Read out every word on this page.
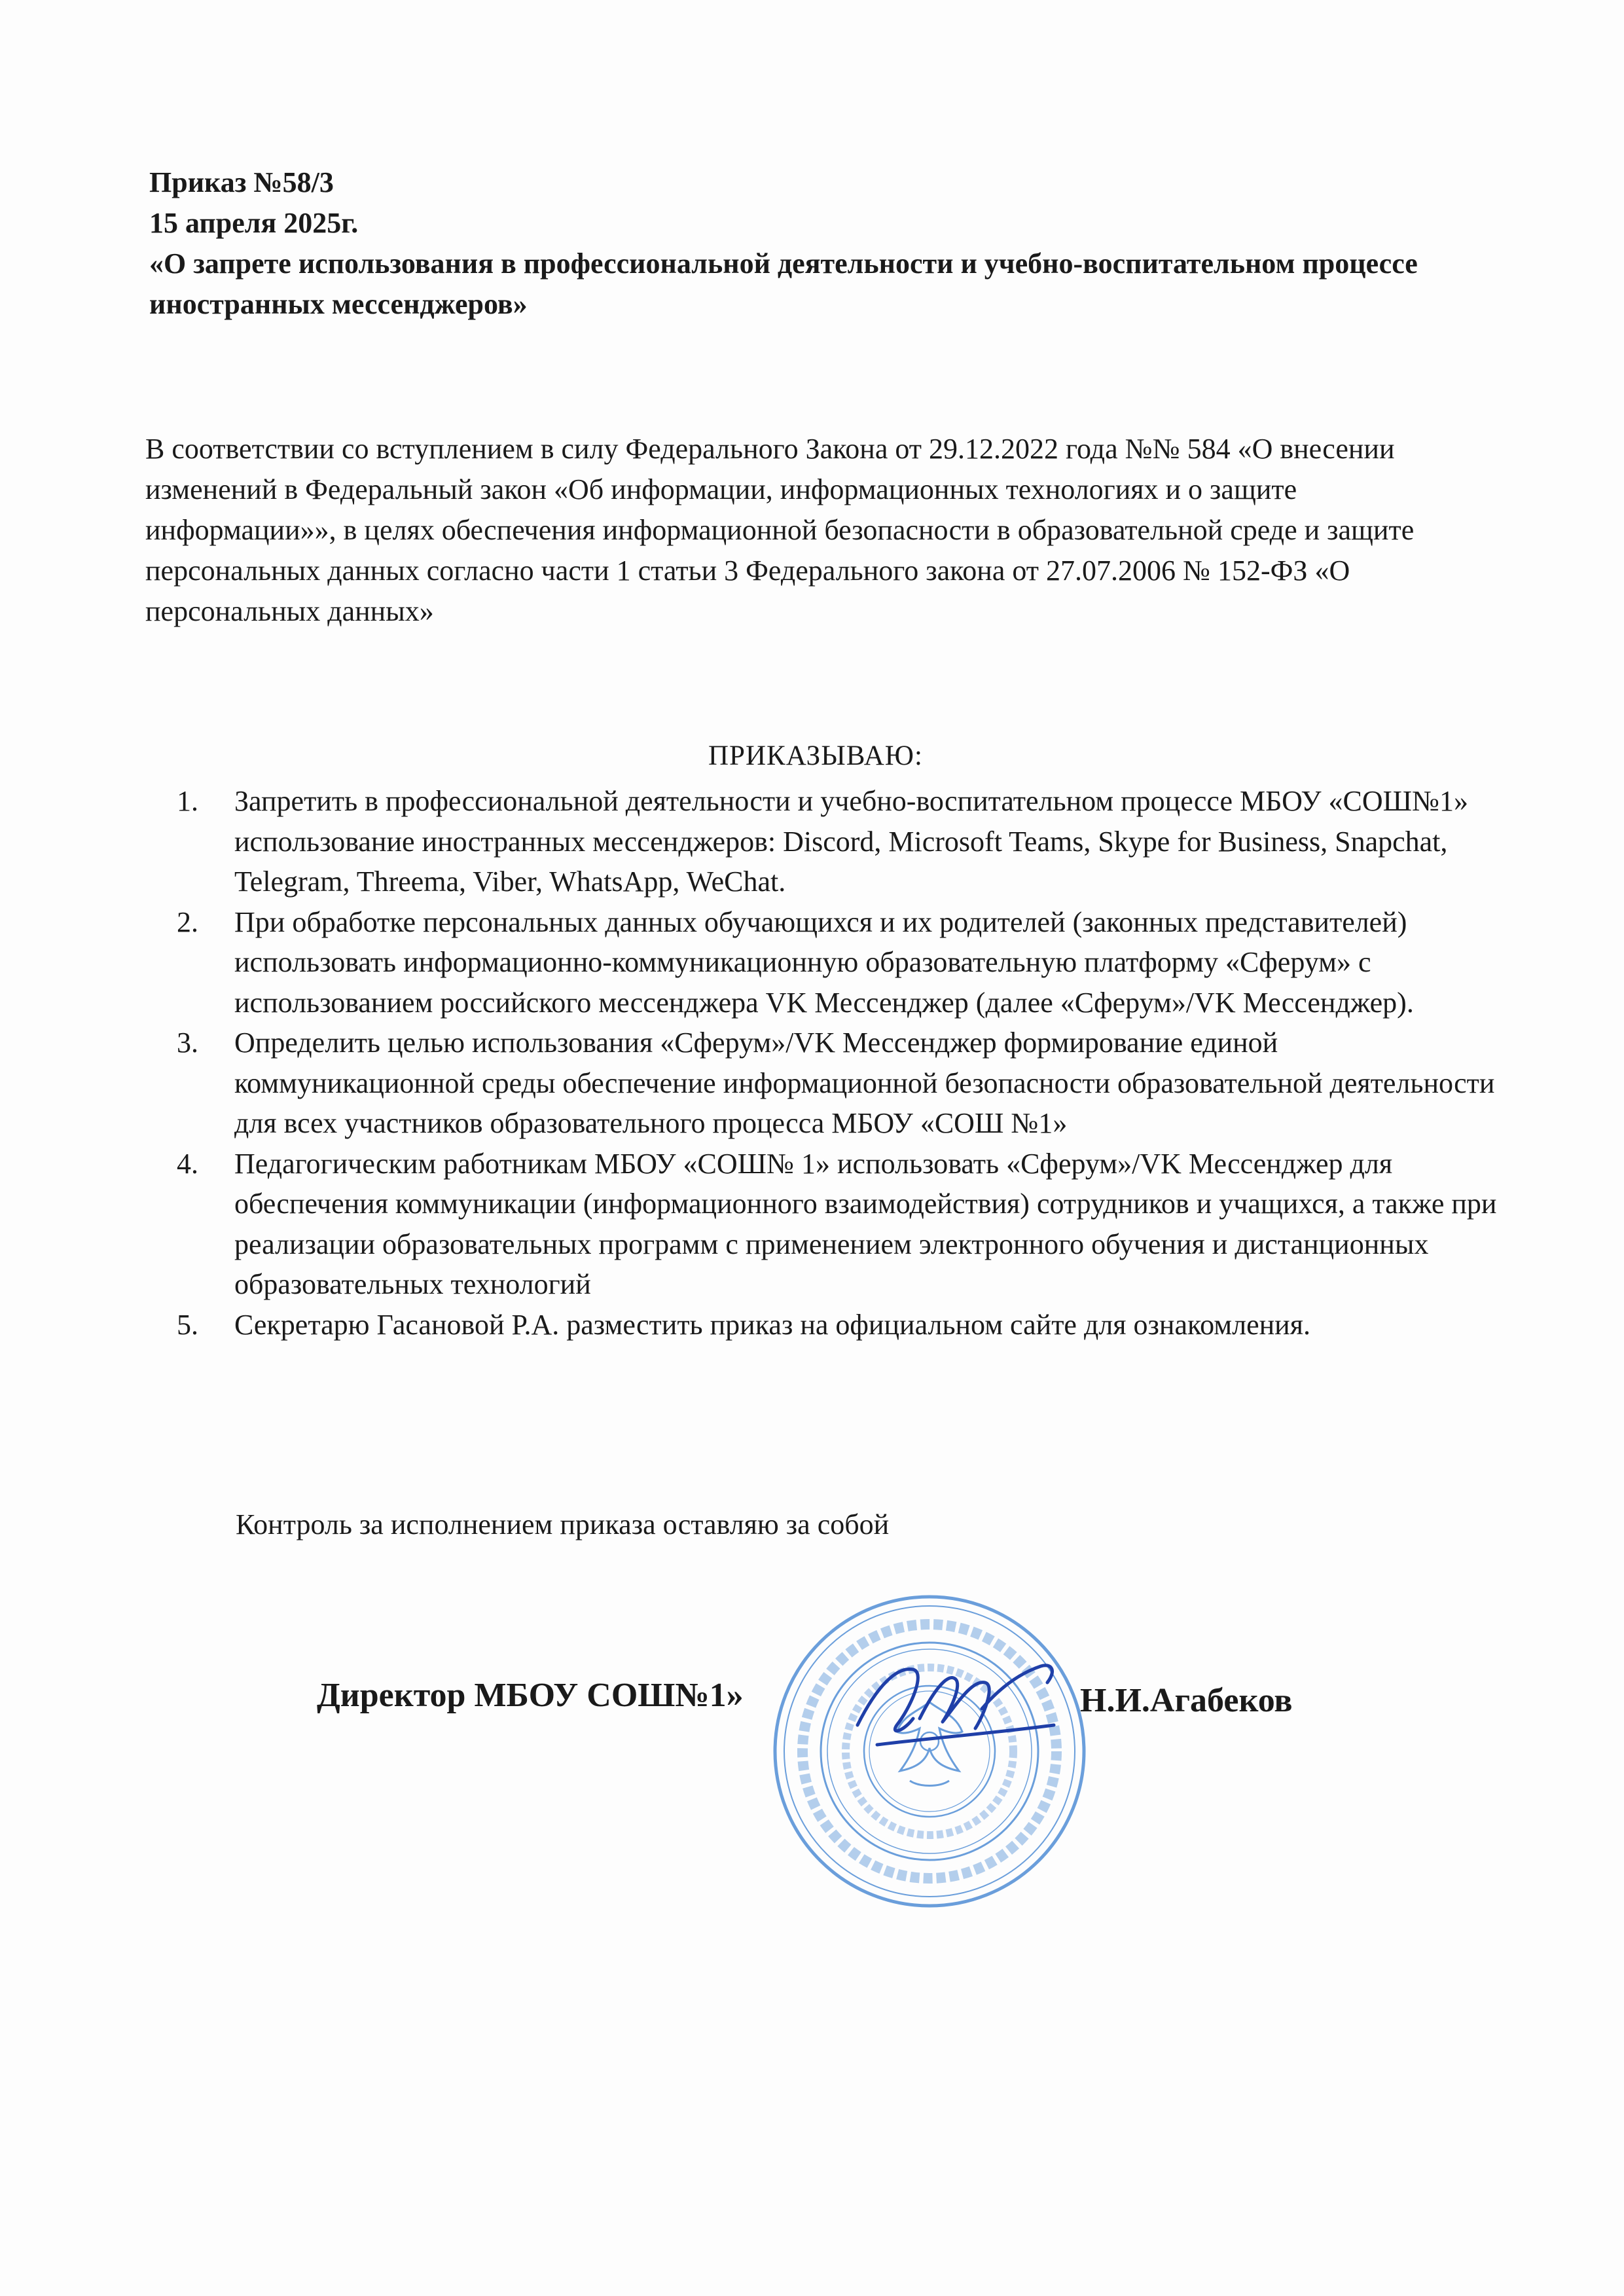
Приказ №58/3
15 апреля 2025г.
«О запрете использования в профессиональной деятельности и учебно-воспитательном процессе иностранных мессенджеров»
В соответствии со вступлением в силу Федерального Закона от 29.12.2022 года №№ 584 «О внесении изменений в Федеральный закон «Об информации, информационных технологиях и о защите информации»», в целях обеспечения информационной безопасности в образовательной среде и защите персональных данных согласно части 1 статьи 3 Федерального закона от 27.07.2006 № 152-ФЗ «О персональных данных»
ПРИКАЗЫВАЮ:
1. Запретить в профессиональной деятельности и учебно-воспитательном процессе МБОУ «СОШ№1» использование иностранных мессенджеров: Discord, Microsoft Teams, Skype for Business, Snapchat, Telegram, Threema, Viber, WhatsApp, WeChat.
2. При обработке персональных данных обучающихся и их родителей (законных представителей) использовать информационно-коммуникационную образовательную платформу «Сферум» с использованием российского мессенджера VK Мессенджер (далее «Сферум»/VK Мессенджер).
3. Определить целью использования «Сферум»/VK Мессенджер формирование единой коммуникационной среды обеспечение информационной безопасности образовательной деятельности для всех участников образовательного процесса МБОУ «СОШ №1»
4. Педагогическим работникам МБОУ «СОШ№ 1» использовать «Сферум»/VK Мессенджер для обеспечения коммуникации (информационного взаимодействия) сотрудников и учащихся, а также при реализации образовательных программ с применением электронного обучения и дистанционных образовательных технологий
5. Секретарю Гасановой Р.А. разместить приказ на официальном сайте для ознакомления.
Контроль за исполнением приказа оставляю за собой
Директор МБОУ СОШ№1»	Н.И.Агабеков
